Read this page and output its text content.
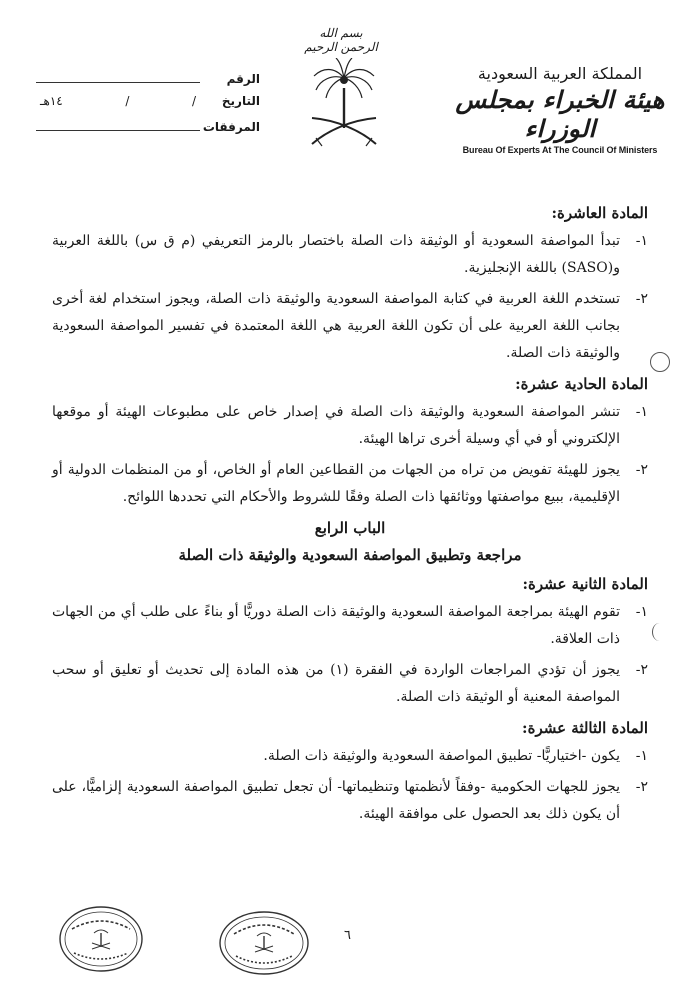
المملكة العربية السعودية
هيئة الخبراء بمجلس الوزراء
Bureau Of Experts At The Council Of Ministers
بسم الله الرحمن الرحيم
الرقم
التاريخ
/
/
١٤هـ
المرفقات

المادة العاشرة:

١-
تبدأ المواصفة السعودية أو الوثيقة ذات الصلة باختصار بالرمز التعريفي (م ق س) باللغة العربية و(SASO) باللغة الإنجليزية.
٢-
تستخدم اللغة العربية في كتابة المواصفة السعودية والوثيقة ذات الصلة، ويجوز استخدام لغة أخرى بجانب اللغة العربية على أن تكون اللغة العربية هي اللغة المعتمدة في تفسير المواصفة السعودية والوثيقة ذات الصلة.

المادة الحادية عشرة:

١-
تنشر المواصفة السعودية والوثيقة ذات الصلة في إصدار خاص على مطبوعات الهيئة أو موقعها الإلكتروني أو في أي وسيلة أخرى تراها الهيئة.
٢-
يجوز للهيئة تفويض من تراه من الجهات من القطاعين العام أو الخاص، أو من المنظمات الدولية أو الإقليمية، ببيع مواصفتها ووثائقها ذات الصلة وفقًا للشروط والأحكام التي تحددها اللوائح.

الباب الرابع

مراجعة وتطبيق المواصفة السعودية والوثيقة ذات الصلة

المادة الثانية عشرة:

١-
تقوم الهيئة بمراجعة المواصفة السعودية والوثيقة ذات الصلة دوريًّا أو بناءً على طلب أي من الجهات ذات العلاقة.
٢-
يجوز أن تؤدي المراجعات الواردة في الفقرة (١) من هذه المادة إلى تحديث أو تعليق أو سحب المواصفة المعنية أو الوثيقة ذات الصلة.

المادة الثالثة عشرة:

١-
يكون -اختياريًّا- تطبيق المواصفة السعودية والوثيقة ذات الصلة.
٢-
يجوز للجهات الحكومية -وفقاً لأنظمتها وتنظيماتها- أن تجعل تطبيق المواصفة السعودية إلزاميًّا، على أن يكون ذلك بعد الحصول على موافقة الهيئة.
٦
